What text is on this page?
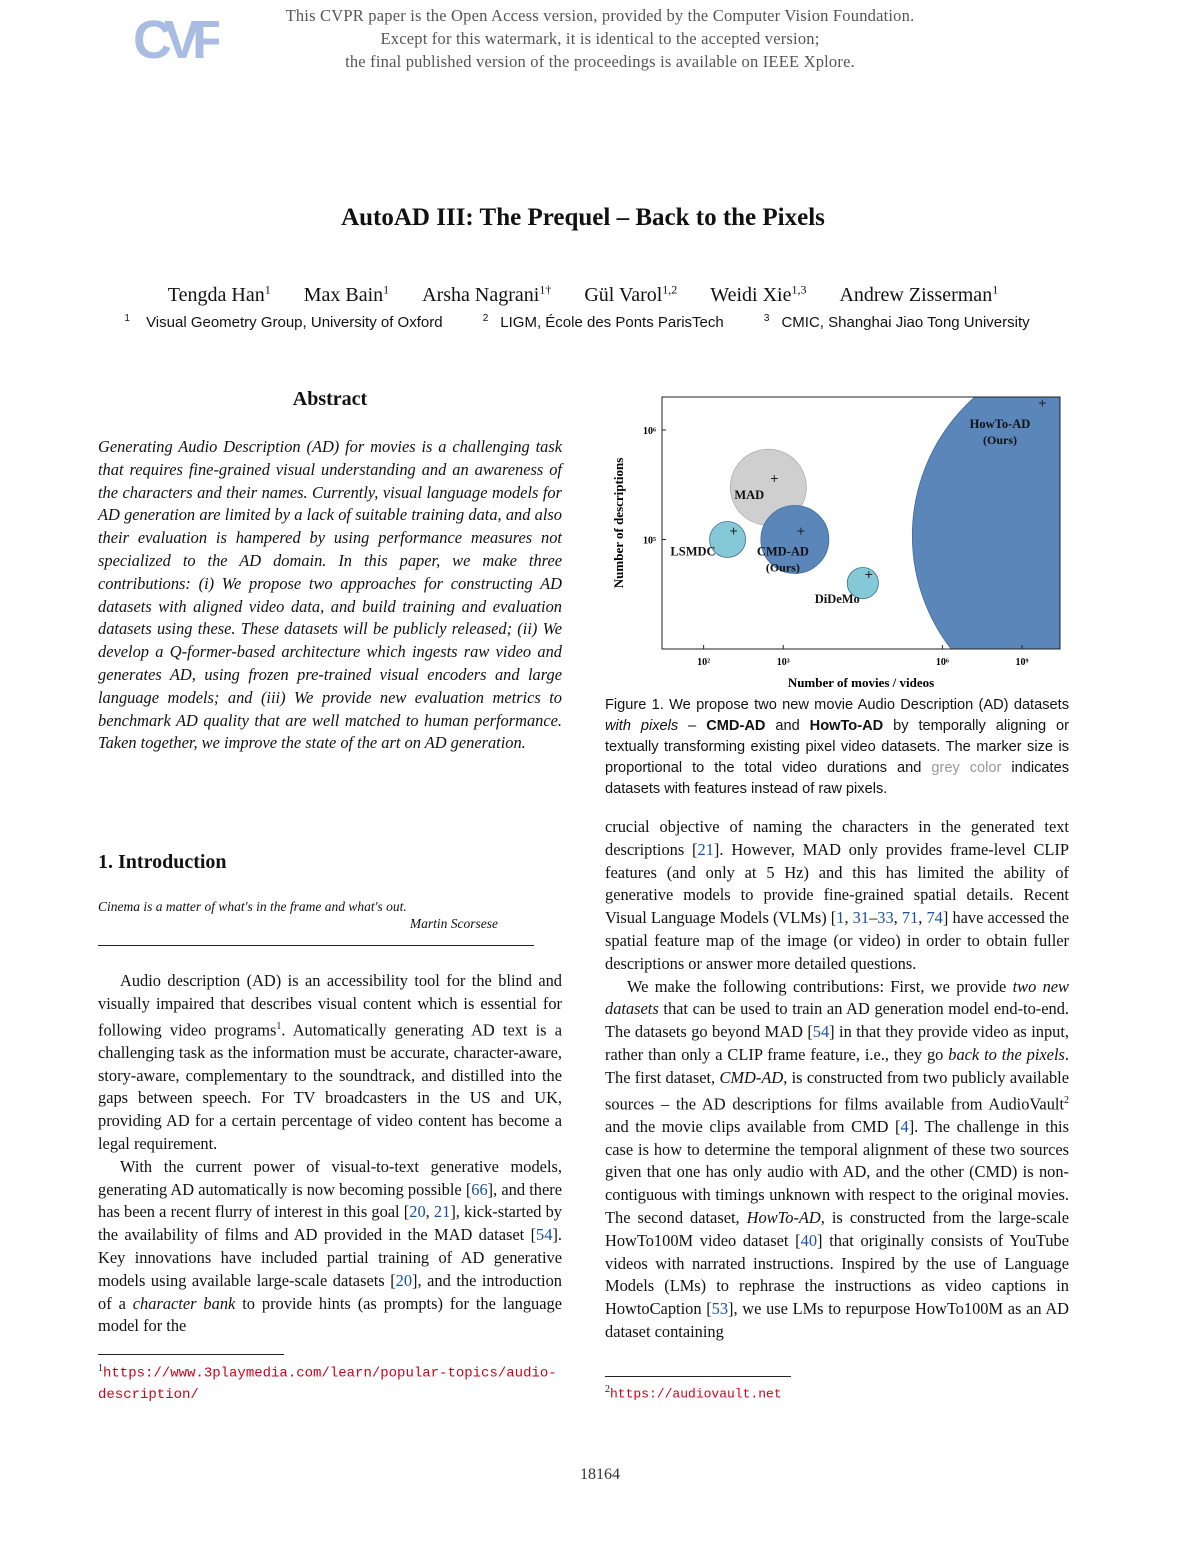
CVF	This CVPR paper is the Open Access version, provided by the Computer Vision Foundation.
Except for this watermark, it is identical to the accepted version;
the final published version of the proceedings is available on IEEE Xplore.
AutoAD III: The Prequel – Back to the Pixels
Tengda Han$^1$ Max Bain$^1$ Arsha Nagrani$^{1\dagger}$ Gül Varol$^{1,2}$ Weidi Xie$^{1,3}$ Andrew Zisserman$^1$
$^1$ Visual Geometry Group, University of Oxford	$^2$ LIGM, École des Ponts ParisTech	$^3$ CMIC, Shanghai Jiao Tong University
Abstract
Generating Audio Description (AD) for movies is a challenging task that requires fine-grained visual understanding and an awareness of the characters and their names. Currently, visual language models for AD generation are limited by a lack of suitable training data, and also their evaluation is hampered by using performance measures not specialized to the AD domain. In this paper, we make three contributions: (i) We propose two approaches for constructing AD datasets with aligned video data, and build training and evaluation datasets using these. These datasets will be publicly released; (ii) We develop a Q-former-based architecture which ingests raw video and generates AD, using frozen pre-trained visual encoders and large language models; and (iii) We provide new evaluation metrics to benchmark AD quality that are well matched to human performance. Taken together, we improve the state of the art on AD generation.
1. Introduction
Cinema is a matter of what's in the frame and what's out.
Martin Scorsese

Audio description (AD) is an accessibility tool for the blind and visually impaired that describes visual content which is essential for following video programs$^1$. Automatically generating AD text is a challenging task as the information must be accurate, character-aware, story-aware, complementary to the soundtrack, and distilled into the gaps between speech. For TV broadcasters in the US and UK, providing AD for a certain percentage of video content has become a legal requirement.

With the current power of visual-to-text generative models, generating AD automatically is now becoming possible [66], and there has been a recent flurry of interest in this goal [20, 21], kick-started by the availability of films and AD provided in the MAD dataset [54]. Key innovations have included partial training of AD generative models using available large-scale datasets [20], and the introduction of a character bank to provide hints (as prompts) for the language model for the

crucial objective of naming the characters in the generated text descriptions [21]. However, MAD only provides frame-level CLIP features (and only at 5 Hz) and this has limited the ability of generative models to provide fine-grained spatial details. Recent Visual Language Models (VLMs) [1, 31–33, 71, 74] have accessed the spatial feature map of the image (or video) in order to obtain fuller descriptions or answer more detailed questions.

We make the following contributions: First, we provide two new datasets that can be used to train an AD generation model end-to-end. The datasets go beyond MAD [54] in that they provide video as input, rather than only a CLIP frame feature, i.e., they go back to the pixels. The first dataset, CMD-AD, is constructed from two publicly available sources – the AD descriptions for films available from AudioVault$^2$ and the movie clips available from CMD [4]. The challenge in this case is how to determine the temporal alignment of these two sources given that one has only audio with AD, and the other (CMD) is non-contiguous with timings unknown with respect to the original movies. The second dataset, HowTo-AD, is constructed from the large-scale HowTo100M video dataset [40] that originally consists of YouTube videos with narrated instructions. Inspired by the use of Language Models (LMs) to rephrase the instructions as video captions in HowtoCaption [53], we use LMs to repurpose HowTo100M as an AD dataset containing

$^1$https://www.3playmedia.com/learn/popular-topics/audio-description/	$^2$https://audiovault.net
10²	10³	10⁶	10⁹
10⁶
10⁵
+
+
+
+
+
HowTo-AD
(Ours)
MAD
LSMDC	CMD-AD
(Ours)
DiDeMo
Number of movies / videos
Number of descriptions
Figure 1. We propose two new movie Audio Description (AD) datasets with pixels – CMD-AD and HowTo-AD by temporally aligning or textually transforming existing pixel video datasets. The marker size is proportional to the total video durations and grey color indicates datasets with features instead of raw pixels.
18164
